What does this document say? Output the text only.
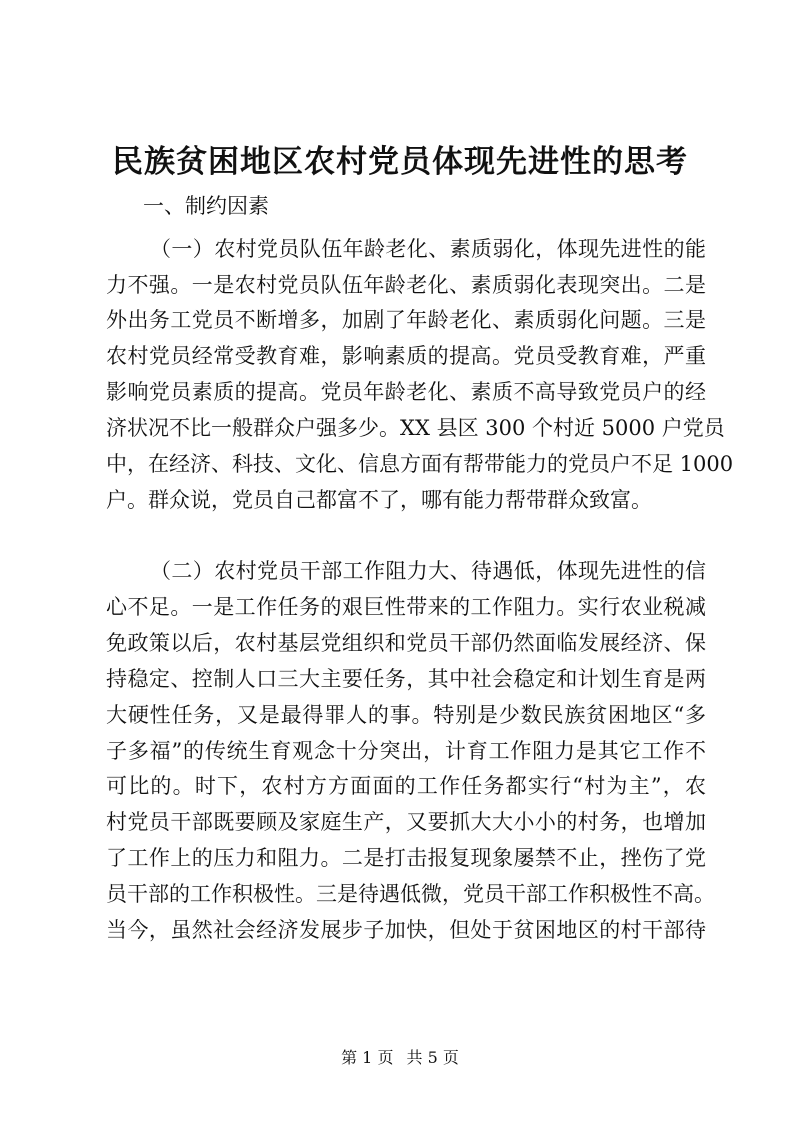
民族贫困地区农村党员体现先进性的思考
一、制约因素
（一）农村党员队伍年龄老化、素质弱化，体现先进性的能
力不强。一是农村党员队伍年龄老化、素质弱化表现突出。二是
外出务工党员不断增多，加剧了年龄老化、素质弱化问题。三是
农村党员经常受教育难，影响素质的提高。党员受教育难，严重
影响党员素质的提高。党员年龄老化、素质不高导致党员户的经
济状况不比一般群众户强多少。XX 县区 300 个村近 5000 户党员
中，在经济、科技、文化、信息方面有帮带能力的党员户不足 1000
户。群众说，党员自己都富不了，哪有能力帮带群众致富。
（二）农村党员干部工作阻力大、待遇低，体现先进性的信
心不足。一是工作任务的艰巨性带来的工作阻力。实行农业税减
免政策以后，农村基层党组织和党员干部仍然面临发展经济、保
持稳定、控制人口三大主要任务，其中社会稳定和计划生育是两
大硬性任务，又是最得罪人的事。特别是少数民族贫困地区“多
子多福”的传统生育观念十分突出，计育工作阻力是其它工作不
可比的。时下，农村方方面面的工作任务都实行“村为主”，农
村党员干部既要顾及家庭生产，又要抓大大小小的村务，也增加
了工作上的压力和阻力。二是打击报复现象屡禁不止，挫伤了党
员干部的工作积极性。三是待遇低微，党员干部工作积极性不高。
当今，虽然社会经济发展步子加快，但处于贫困地区的村干部待
第 1 页 共 5 页
